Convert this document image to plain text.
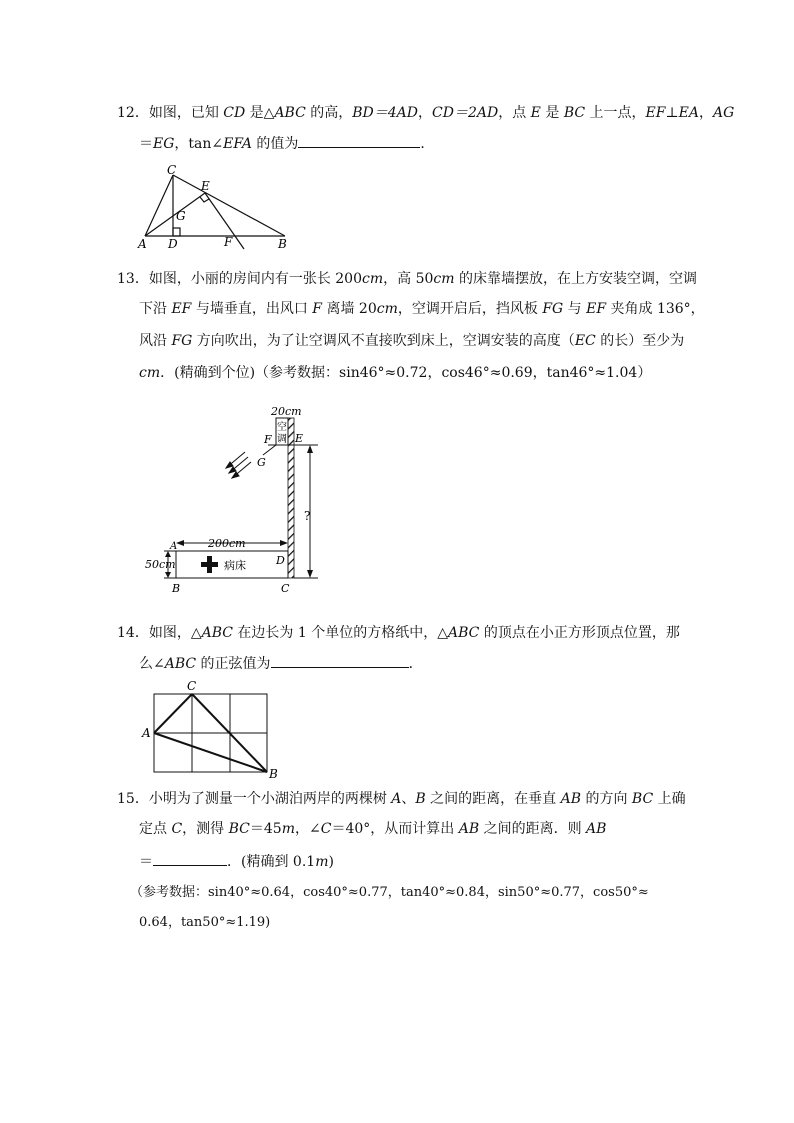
12．如图，已知 CD 是△ABC 的高，BD＝4AD，CD＝2AD，点 E 是 BC 上一点，EF⊥EA，AG
＝EG，tan∠EFA 的值为	．
C
E
G
A D	F	B
13．如图，小丽的房间内有一张长 200cm，高 50cm 的床靠墙摆放，在上方安装空调，空调
下沿 EF 与墙垂直，出风口 F 离墙 20cm，空调开启后，挡风板 FG 与 EF 夹角成 136°，
风沿 FG 方向吹出，为了让空调风不直接吹到床上，空调安装的高度（EC 的长）至少为
cm．(精确到个位)（参考数据：sin46°≈0.72，cos46°≈0.69，tan46°≈1.04）
20cm
空
调
F E
G
?
A	200cm
D
50cm	病床
B	C
14．如图，△ABC 在边长为 1 个单位的方格纸中，△ABC 的顶点在小正方形顶点位置，那
么∠ABC 的正弦值为	．
C
A
B
15．小明为了测量一个小湖泊两岸的两棵树 A、B 之间的距离，在垂直 AB 的方向 BC 上确
定点 C，测得 BC＝45m，∠C＝40°，从而计算出 AB 之间的距离．则 AB
＝	．(精确到 0.1m)
（参考数据：sin40°≈0.64，cos40°≈0.77，tan40°≈0.84，sin50°≈0.77，cos50°≈
0.64，tan50°≈1.19)
